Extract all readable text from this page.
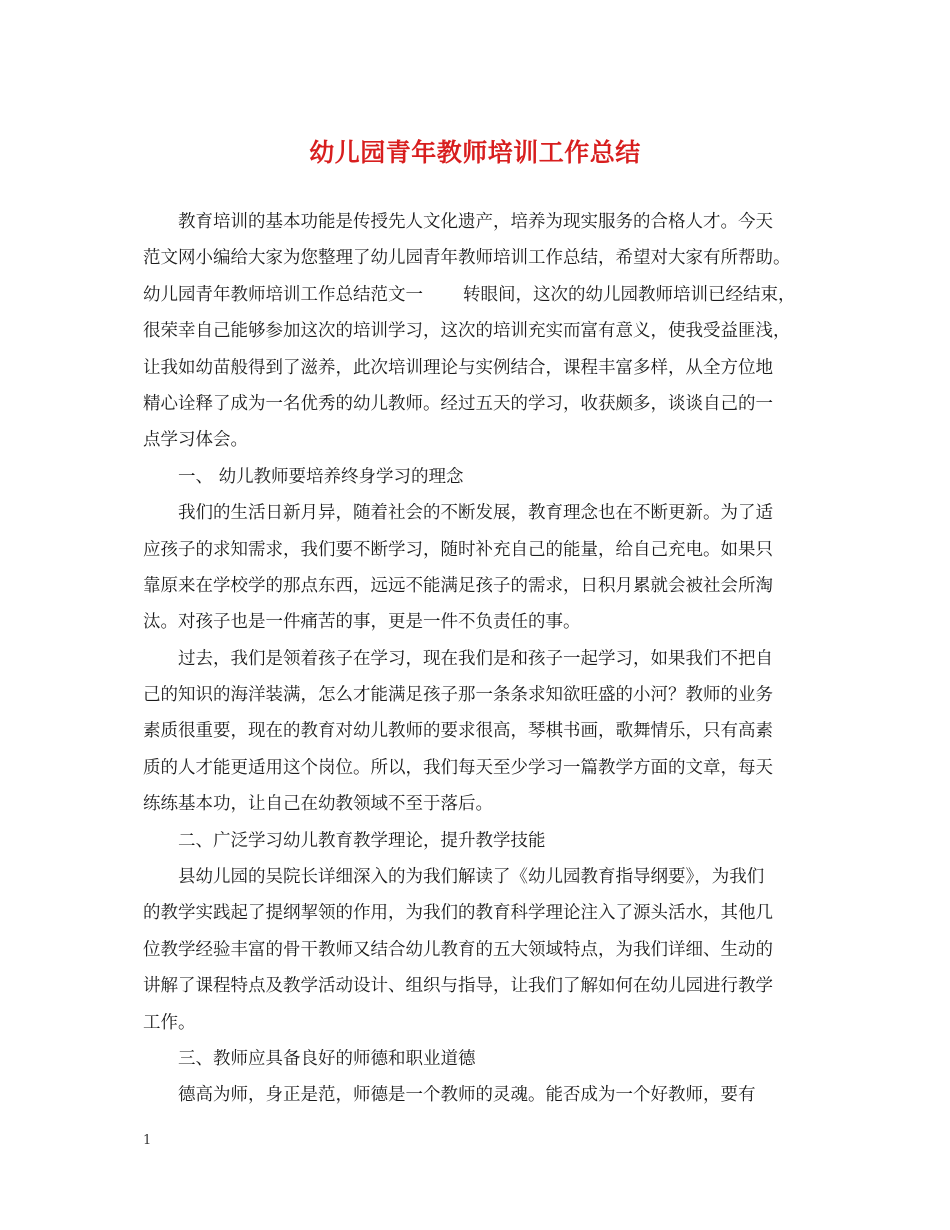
幼儿园青年教师培训工作总结
教育培训的基本功能是传授先人文化遗产，培养为现实服务的合格人才。今天
范文网小编给大家为您整理了幼儿园青年教师培训工作总结，希望对大家有所帮助。
幼儿园青年教师培训工作总结范文一 转眼间，这次的幼儿园教师培训已经结束，
很荣幸自己能够参加这次的培训学习，这次的培训充实而富有意义，使我受益匪浅，
让我如幼苗般得到了滋养，此次培训理论与实例结合，课程丰富多样，从全方位地
精心诠释了成为一名优秀的幼儿教师。经过五天的学习，收获颇多，谈谈自己的一
点学习体会。
一、 幼儿教师要培养终身学习的理念
我们的生活日新月异，随着社会的不断发展，教育理念也在不断更新。为了适
应孩子的求知需求，我们要不断学习，随时补充自己的能量，给自己充电。如果只
靠原来在学校学的那点东西，远远不能满足孩子的需求，日积月累就会被社会所淘
汰。对孩子也是一件痛苦的事，更是一件不负责任的事。
过去，我们是领着孩子在学习，现在我们是和孩子一起学习，如果我们不把自
己的知识的海洋装满，怎么才能满足孩子那一条条求知欲旺盛的小河？教师的业务
素质很重要，现在的教育对幼儿教师的要求很高，琴棋书画，歌舞情乐，只有高素
质的人才能更适用这个岗位。所以，我们每天至少学习一篇教学方面的文章，每天
练练基本功，让自己在幼教领域不至于落后。
二、广泛学习幼儿教育教学理论，提升教学技能
县幼儿园的吴院长详细深入的为我们解读了《幼儿园教育指导纲要》，为我们
的教学实践起了提纲挈领的作用，为我们的教育科学理论注入了源头活水，其他几
位教学经验丰富的骨干教师又结合幼儿教育的五大领域特点，为我们详细、生动的
讲解了课程特点及教学活动设计、组织与指导，让我们了解如何在幼儿园进行教学
工作。
三、教师应具备良好的师德和职业道德
德高为师，身正是范，师德是一个教师的灵魂。能否成为一个好教师，要有
1
